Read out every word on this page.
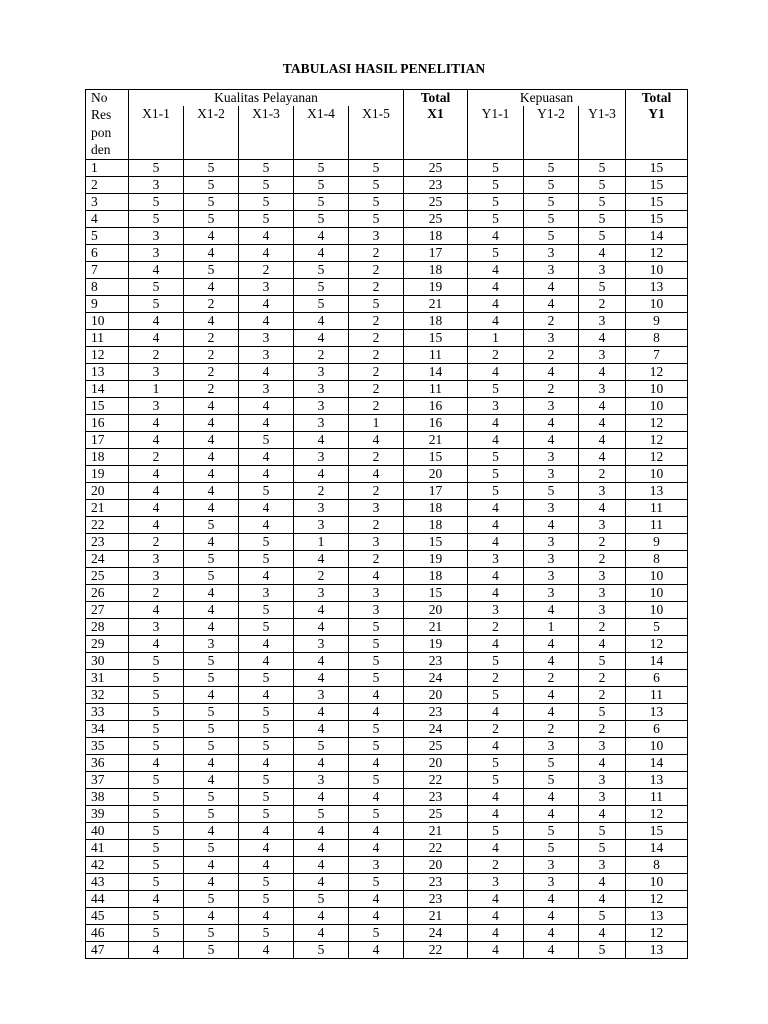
TABULASI HASIL PENELITIAN
No	Kualitas Pelayanan					Total	Kepuasan			Total
Res pon den	X1-1	X1-2	X1-3	X1-4	X1-5	X1	Y1-1	Y1-2	Y1-3	Y1
1	5	5	5	5	5	25	5	5	5	15
2	3	5	5	5	5	23	5	5	5	15
3	5	5	5	5	5	25	5	5	5	15
4	5	5	5	5	5	25	5	5	5	15
5	3	4	4	4	3	18	4	5	5	14
6	3	4	4	4	2	17	5	3	4	12
7	4	5	2	5	2	18	4	3	3	10
8	5	4	3	5	2	19	4	4	5	13
9	5	2	4	5	5	21	4	4	2	10
10	4	4	4	4	2	18	4	2	3	9
11	4	2	3	4	2	15	1	3	4	8
12	2	2	3	2	2	11	2	2	3	7
13	3	2	4	3	2	14	4	4	4	12
14	1	2	3	3	2	11	5	2	3	10
15	3	4	4	3	2	16	3	3	4	10
16	4	4	4	3	1	16	4	4	4	12
17	4	4	5	4	4	21	4	4	4	12
18	2	4	4	3	2	15	5	3	4	12
19	4	4	4	4	4	20	5	3	2	10
20	4	4	5	2	2	17	5	5	3	13
21	4	4	4	3	3	18	4	3	4	11
22	4	5	4	3	2	18	4	4	3	11
23	2	4	5	1	3	15	4	3	2	9
24	3	5	5	4	2	19	3	3	2	8
25	3	5	4	2	4	18	4	3	3	10
26	2	4	3	3	3	15	4	3	3	10
27	4	4	5	4	3	20	3	4	3	10
28	3	4	5	4	5	21	2	1	2	5
29	4	3	4	3	5	19	4	4	4	12
30	5	5	4	4	5	23	5	4	5	14
31	5	5	5	4	5	24	2	2	2	6
32	5	4	4	3	4	20	5	4	2	11
33	5	5	5	4	4	23	4	4	5	13
34	5	5	5	4	5	24	2	2	2	6
35	5	5	5	5	5	25	4	3	3	10
36	4	4	4	4	4	20	5	5	4	14
37	5	4	5	3	5	22	5	5	3	13
38	5	5	5	4	4	23	4	4	3	11
39	5	5	5	5	5	25	4	4	4	12
40	5	4	4	4	4	21	5	5	5	15
41	5	5	4	4	4	22	4	5	5	14
42	5	4	4	4	3	20	2	3	3	8
43	5	4	5	4	5	23	3	3	4	10
44	4	5	5	5	4	23	4	4	4	12
45	5	4	4	4	4	21	4	4	5	13
46	5	5	5	4	5	24	4	4	4	12
47	4	5	4	5	4	22	4	4	5	13
